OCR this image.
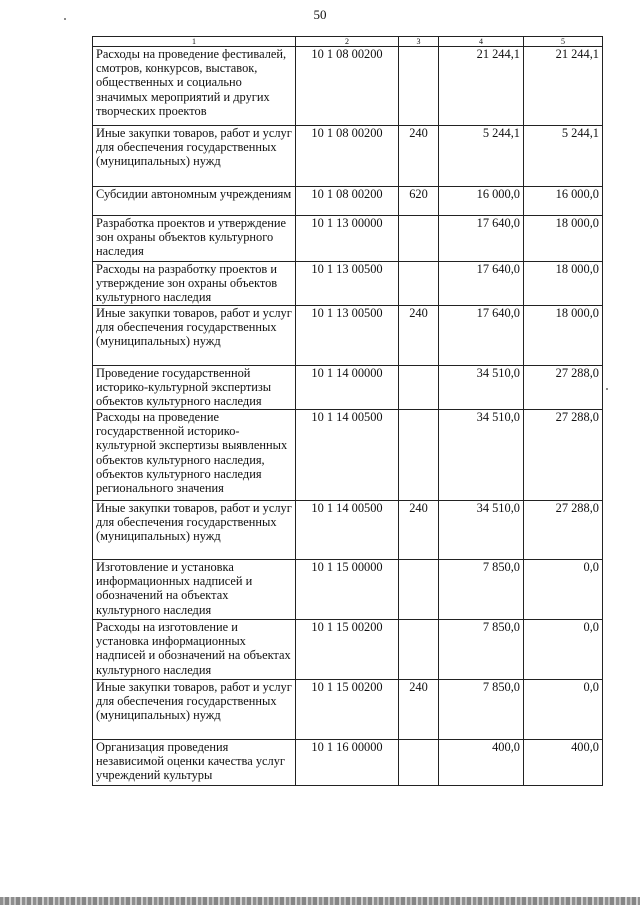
50
1	2	3	4	5
Расходы на проведение фестивалей, смотров, конкурсов, выставок, общественных и социально значимых мероприятий и других творческих проектов	10 1 08 00200		21 244,1	21 244,1
Иные закупки товаров, работ и услуг для обеспечения государственных (муниципальных) нужд	10 1 08 00200	240	5 244,1	5 244,1
Субсидии автономным учреждениям	10 1 08 00200	620	16 000,0	16 000,0
Разработка проектов и утверждение зон охраны объектов культурного наследия	10 1 13 00000		17 640,0	18 000,0
Расходы на разработку проектов и утверждение зон охраны объектов культурного наследия	10 1 13 00500		17 640,0	18 000,0
Иные закупки товаров, работ и услуг для обеспечения государственных (муниципальных) нужд	10 1 13 00500	240	17 640,0	18 000,0
Проведение государственной историко-культурной экспертизы объектов культурного наследия	10 1 14 00000		34 510,0	27 288,0
Расходы на проведение государственной историко-культурной экспертизы выявленных объектов культурного наследия, объектов культурного наследия регионального значения	10 1 14 00500		34 510,0	27 288,0
Иные закупки товаров, работ и услуг для обеспечения государственных (муниципальных) нужд	10 1 14 00500	240	34 510,0	27 288,0
Изготовление и установка информационных надписей и обозначений на объектах культурного наследия	10 1 15 00000		7 850,0	0,0
Расходы на изготовление и установка информационных надписей и обозначений на объектах культурного наследия	10 1 15 00200		7 850,0	0,0
Иные закупки товаров, работ и услуг для обеспечения государственных (муниципальных) нужд	10 1 15 00200	240	7 850,0	0,0
Организация проведения независимой оценки качества услуг учреждений культуры	10 1 16 00000		400,0	400,0
